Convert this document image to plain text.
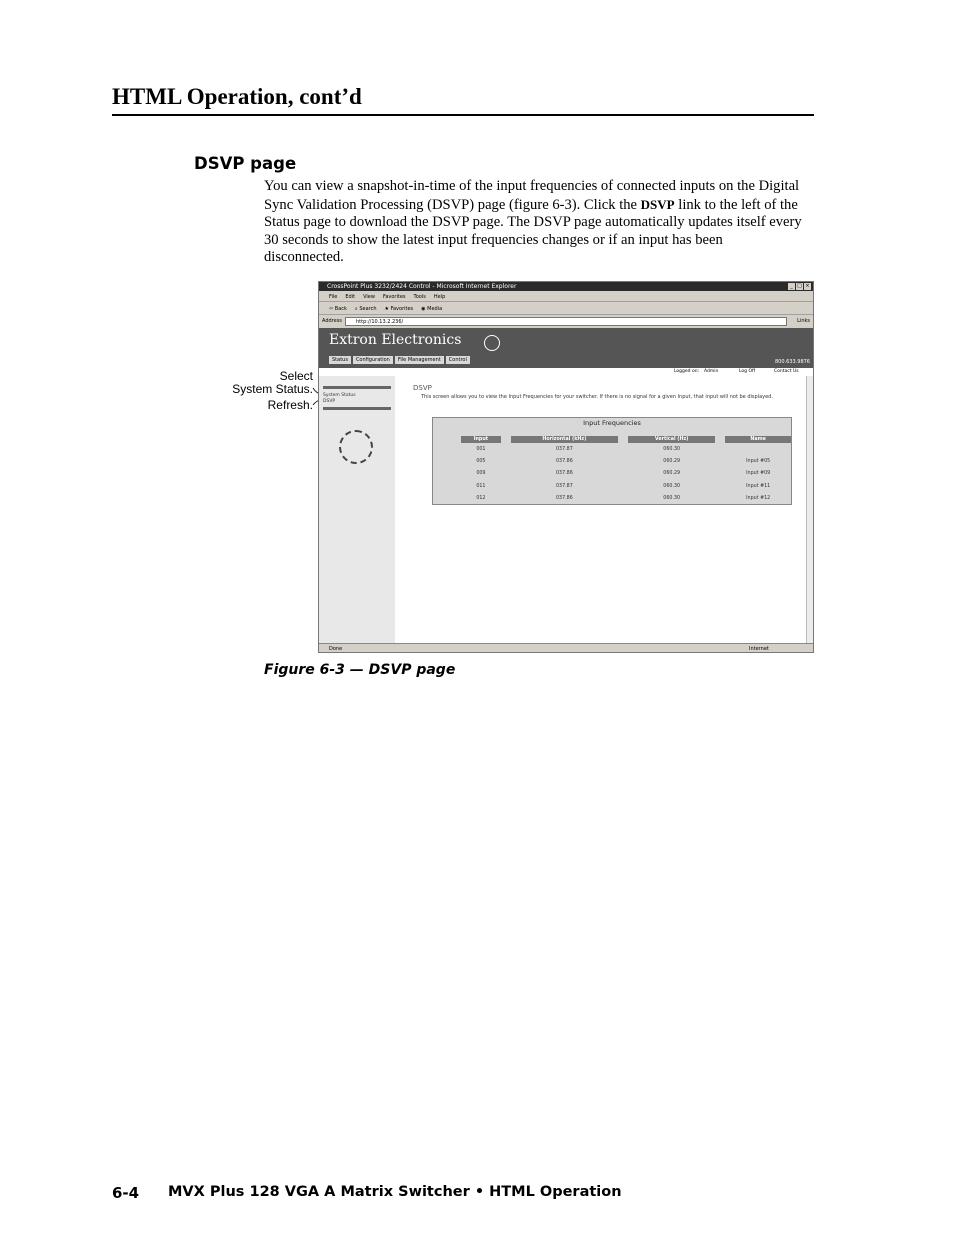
HTML Operation, cont’d
DSVP page
You can view a snapshot-in-time of the input frequencies of connected inputs on the Digital Sync Validation Processing (DSVP) page (figure 6-3). Click the DSVP link to the left of the Status page to download the DSVP page. The DSVP page automatically updates itself every 30 seconds to show the latest input frequencies changes or if an input has been disconnected.
Select
System Status.
Refresh.
CrossPoint Plus 3232/2424 Control - Microsoft Internet Explorer	_ □ ×
File Edit View Favorites Tools Help
⇦ Back ⌕ Search ★ Favorites ◉ Media
Address	http://10.13.2.236/	Links
Extron Electronics
Status	Configuration	File Management	Control	800.633.9876
Logged on: Admin	Log Off	Contact Us
System Status
DSVP
DSVP
This screen allows you to view the Input Frequencies for your switcher. If there is no signal for a given Input, that input will not be displayed.
Input Frequencies
Input		Horizontal (kHz)		Vertical (Hz)		Name
001		037.87		060.30		
005		037.86		060.29		Input #05
009		037.86		060.29		Input #09
011		037.87		060.30		Input #11
012		037.86		060.30		Input #12
Done	Internet
Figure 6-3 — DSVP page
6-4 MVX Plus 128 VGA A Matrix Switcher • HTML Operation
